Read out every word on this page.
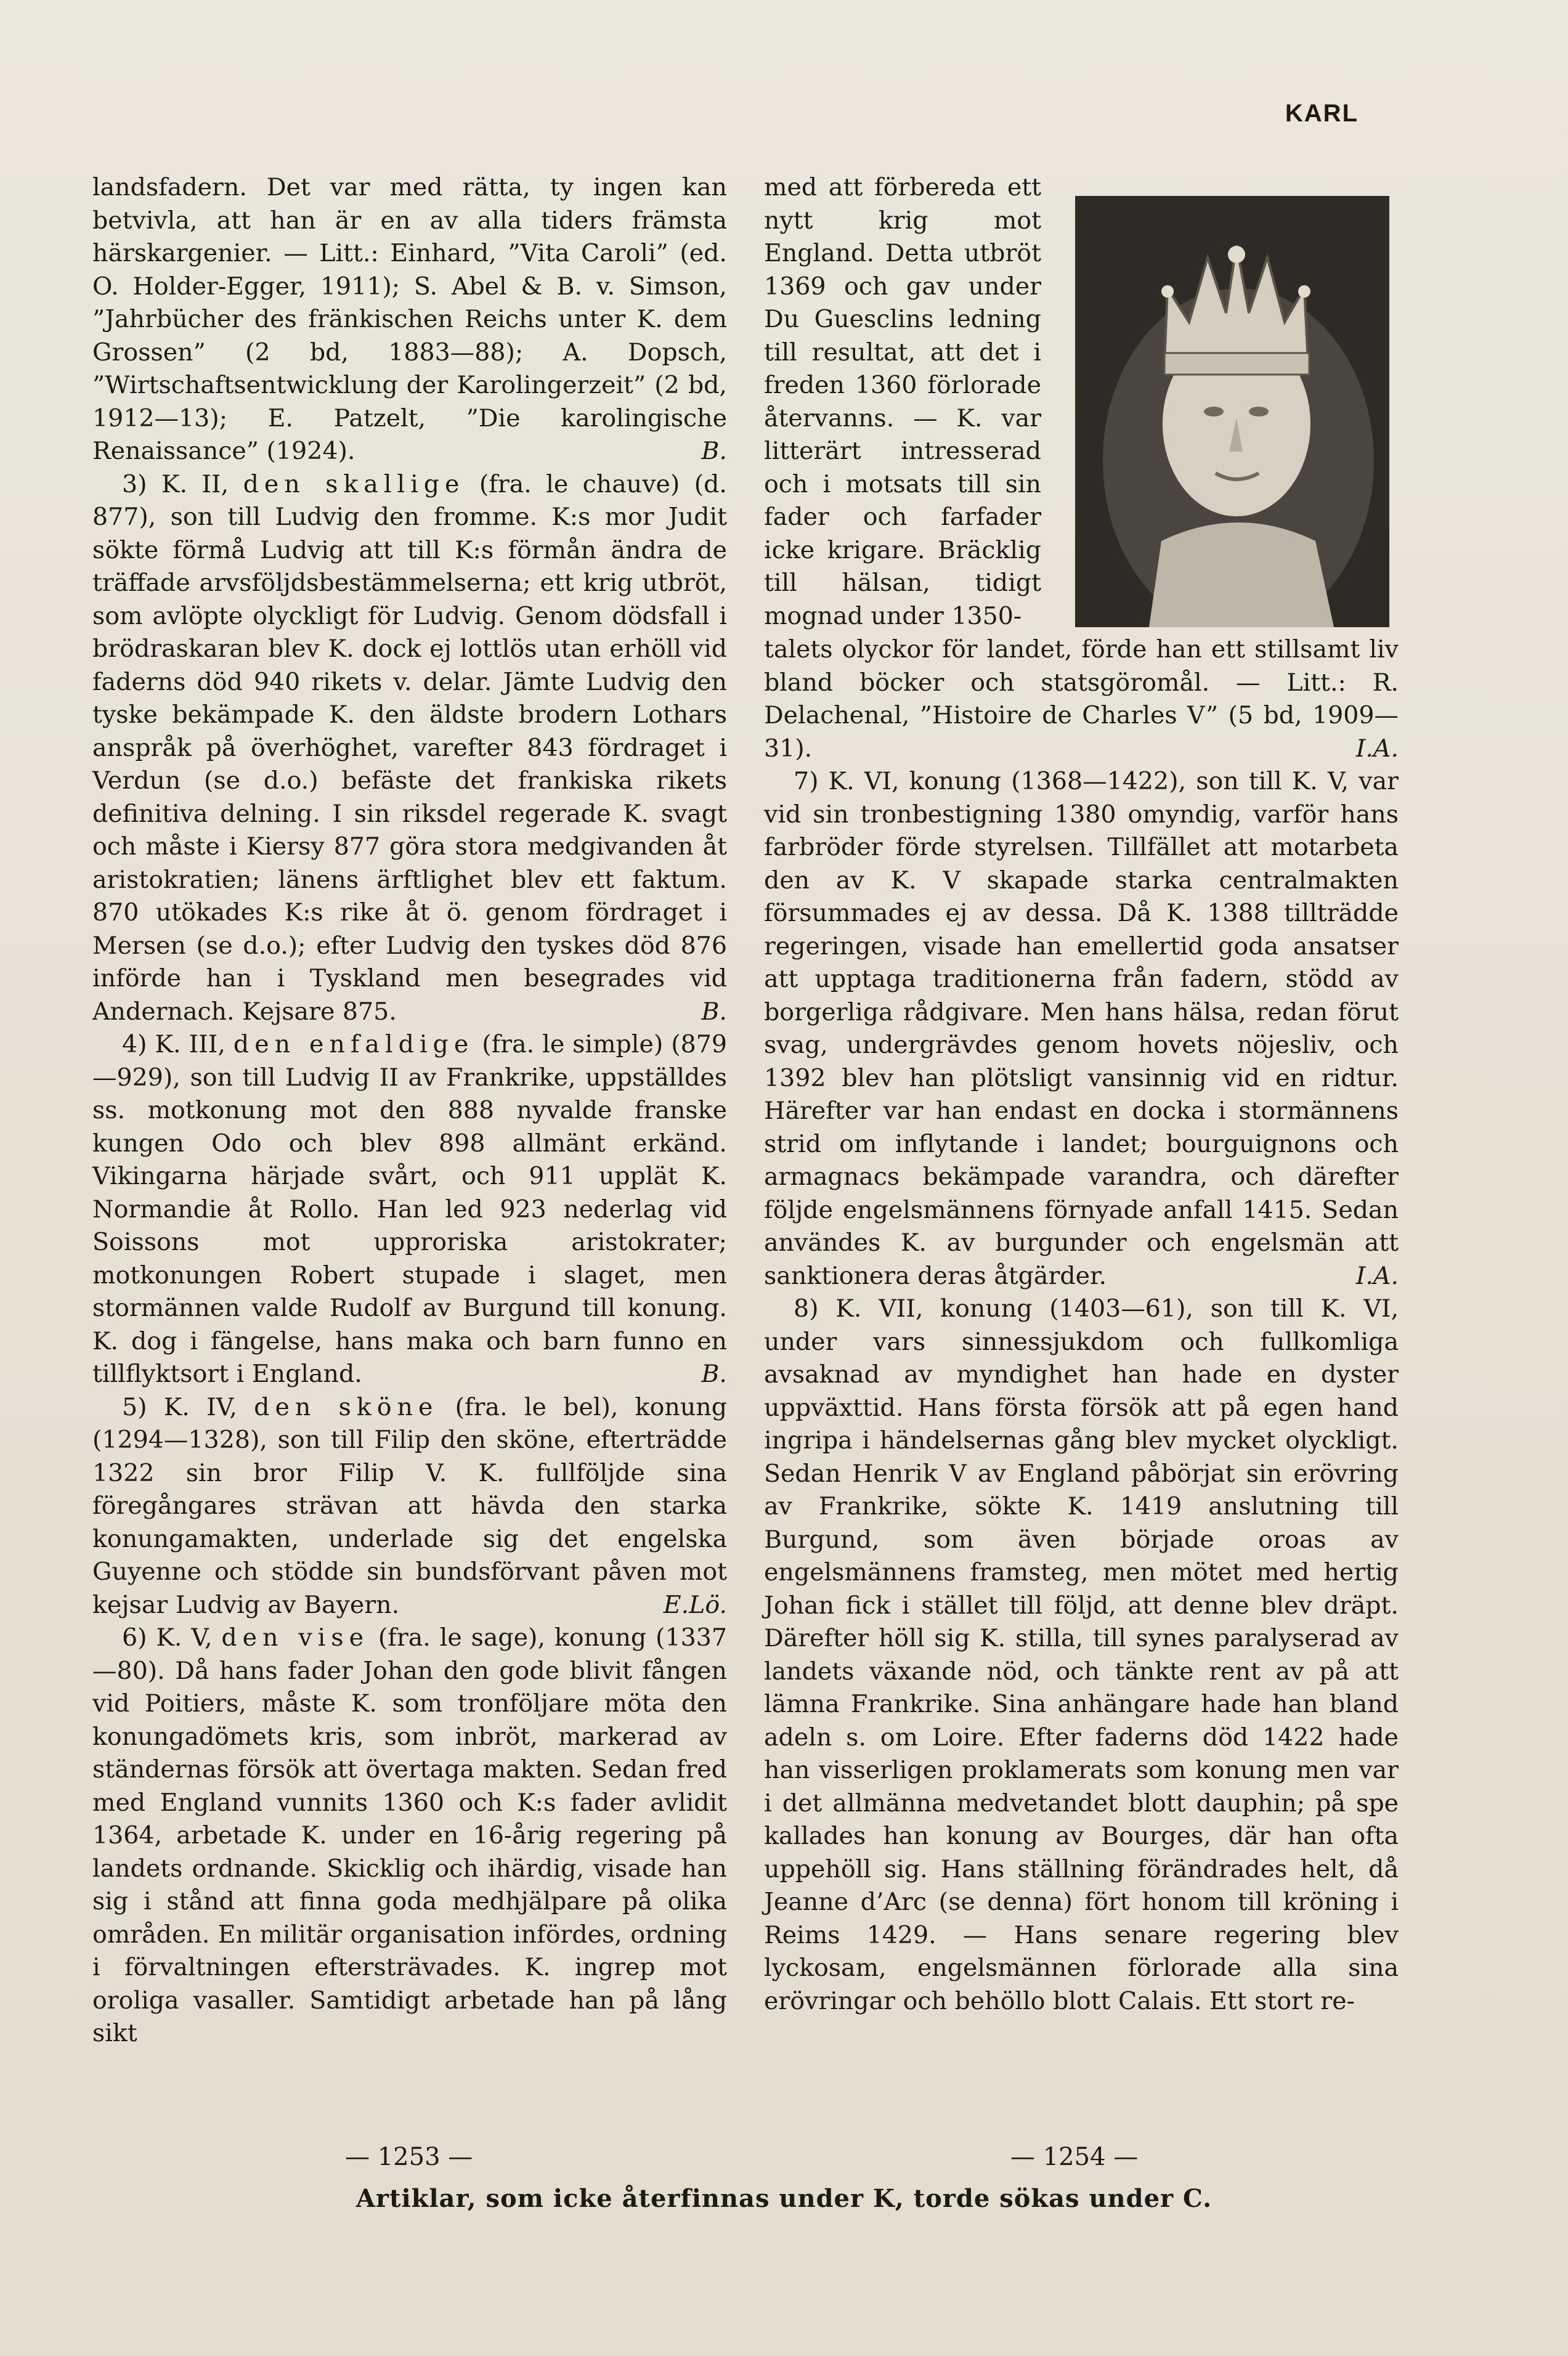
KARL

landsfadern. Det var med rätta, ty ingen kan betvivla, att han är en av alla tiders främsta härskargenier. — Litt.: Einhard, ”Vita Caroli” (ed. O. Holder-Egger, 1911); S. Abel & B. v. Simson, ”Jahrbücher des fränkischen Reichs unter K. dem Grossen” (2 bd, 1883—88); A. Dopsch, ”Wirtschaftsentwicklung der Karolingerzeit” (2 bd, 1912—13); E. Patzelt, ”Die karolingische Renaissance” (1924).	B.

3) K. II, den skallige (fra. le chauve) (d. 877), son till Ludvig den fromme. K:s mor Judit sökte förmå Ludvig att till K:s förmån ändra de träffade arvsföljdsbestämmelserna; ett krig utbröt, som avlöpte olyckligt för Ludvig. Genom dödsfall i brödraskaran blev K. dock ej lottlös utan erhöll vid faderns död 940 rikets v. delar. Jämte Ludvig den tyske bekämpade K. den äldste brodern Lothars anspråk på överhöghet, varefter 843 fördraget i Verdun (se d.o.) befäste det frankiska rikets definitiva delning. I sin riksdel regerade K. svagt och måste i Kiersy 877 göra stora medgivanden åt aristokratien; länens ärftlighet blev ett faktum. 870 utökades K:s rike åt ö. genom fördraget i Mersen (se d.o.); efter Ludvig den tyskes död 876 införde han i Tyskland men besegrades vid Andernach. Kejsare 875.	B.

4) K. III, den enfaldige (fra. le simple) (879—929), son till Ludvig II av Frankrike, uppställdes ss. motkonung mot den 888 nyvalde franske kungen Odo och blev 898 allmänt erkänd. Vikingarna härjade svårt, och 911 upplät K. Normandie åt Rollo. Han led 923 nederlag vid Soissons mot upproriska aristokrater; motkonungen Robert stupade i slaget, men stormännen valde Rudolf av Burgund till konung. K. dog i fängelse, hans maka och barn funno en tillflyktsort i England.	B.

5) K. IV, den sköne (fra. le bel), konung (1294—1328), son till Filip den sköne, efterträdde 1322 sin bror Filip V. K. fullföljde sina föregångares strävan att hävda den starka konungamakten, underlade sig det engelska Guyenne och stödde sin bundsförvant påven mot kejsar Ludvig av Bayern.	E.Lö.

6) K. V, den vise (fra. le sage), konung (1337—80). Då hans fader Johan den gode blivit fången vid Poitiers, måste K. som tronföljare möta den konungadömets kris, som inbröt, markerad av ständernas försök att övertaga makten. Sedan fred med England vunnits 1360 och K:s fader avlidit 1364, arbetade K. under en 16-årig regering på landets ordnande. Skicklig och ihärdig, visade han sig i stånd att finna goda medhjälpare på olika områden. En militär organisation infördes, ordning i förvaltningen eftersträvades. K. ingrep mot oroliga vasaller. Samtidigt arbetade han på lång sikt

med att förbereda ett nytt krig mot England. Detta utbröt 1369 och gav under Du Guesclins ledning till resultat, att det i freden 1360 förlorade återvanns. — K. var litterärt intresserad och i motsats till sin fader och farfader icke krigare. Bräcklig till hälsan, tidigt mognad under 1350-

talets olyckor för landet, förde han ett stillsamt liv bland böcker och statsgöromål. — Litt.: R. Delachenal, ”Histoire de Charles V” (5 bd, 1909—31).	I.A.

7) K. VI, konung (1368—1422), son till K. V, var vid sin tronbestigning 1380 omyndig, varför hans farbröder förde styrelsen. Tillfället att motarbeta den av K. V skapade starka centralmakten försummades ej av dessa. Då K. 1388 tillträdde regeringen, visade han emellertid goda ansatser att upptaga traditionerna från fadern, stödd av borgerliga rådgivare. Men hans hälsa, redan förut svag, undergrävdes genom hovets nöjesliv, och 1392 blev han plötsligt vansinnig vid en ridtur. Härefter var han endast en docka i stormännens strid om inflytande i landet; bourguignons och armagnacs bekämpade varandra, och därefter följde engelsmännens förnyade anfall 1415. Sedan användes K. av burgunder och engelsmän att sanktionera deras åtgärder.	I.A.

8) K. VII, konung (1403—61), son till K. VI, under vars sinnessjukdom och fullkomliga avsaknad av myndighet han hade en dyster uppväxttid. Hans första försök att på egen hand ingripa i händelsernas gång blev mycket olyckligt. Sedan Henrik V av England påbörjat sin erövring av Frankrike, sökte K. 1419 anslutning till Burgund, som även började oroas av engelsmännens framsteg, men mötet med hertig Johan fick i stället till följd, att denne blev dräpt. Därefter höll sig K. stilla, till synes paralyserad av landets växande nöd, och tänkte rent av på att lämna Frankrike. Sina anhängare hade han bland adeln s. om Loire. Efter faderns död 1422 hade han visserligen proklamerats som konung men var i det allmänna medvetandet blott dauphin; på spe kallades han konung av Bourges, där han ofta uppehöll sig. Hans ställning förändrades helt, då Jeanne d’Arc (se denna) fört honom till kröning i Reims 1429. — Hans senare regering blev lyckosam, engelsmännen förlorade alla sina erövringar och behöllo blott Calais. Ett stort re-

— 1253 —	— 1254 —
Artiklar, som icke återfinnas under K, torde sökas under C.
